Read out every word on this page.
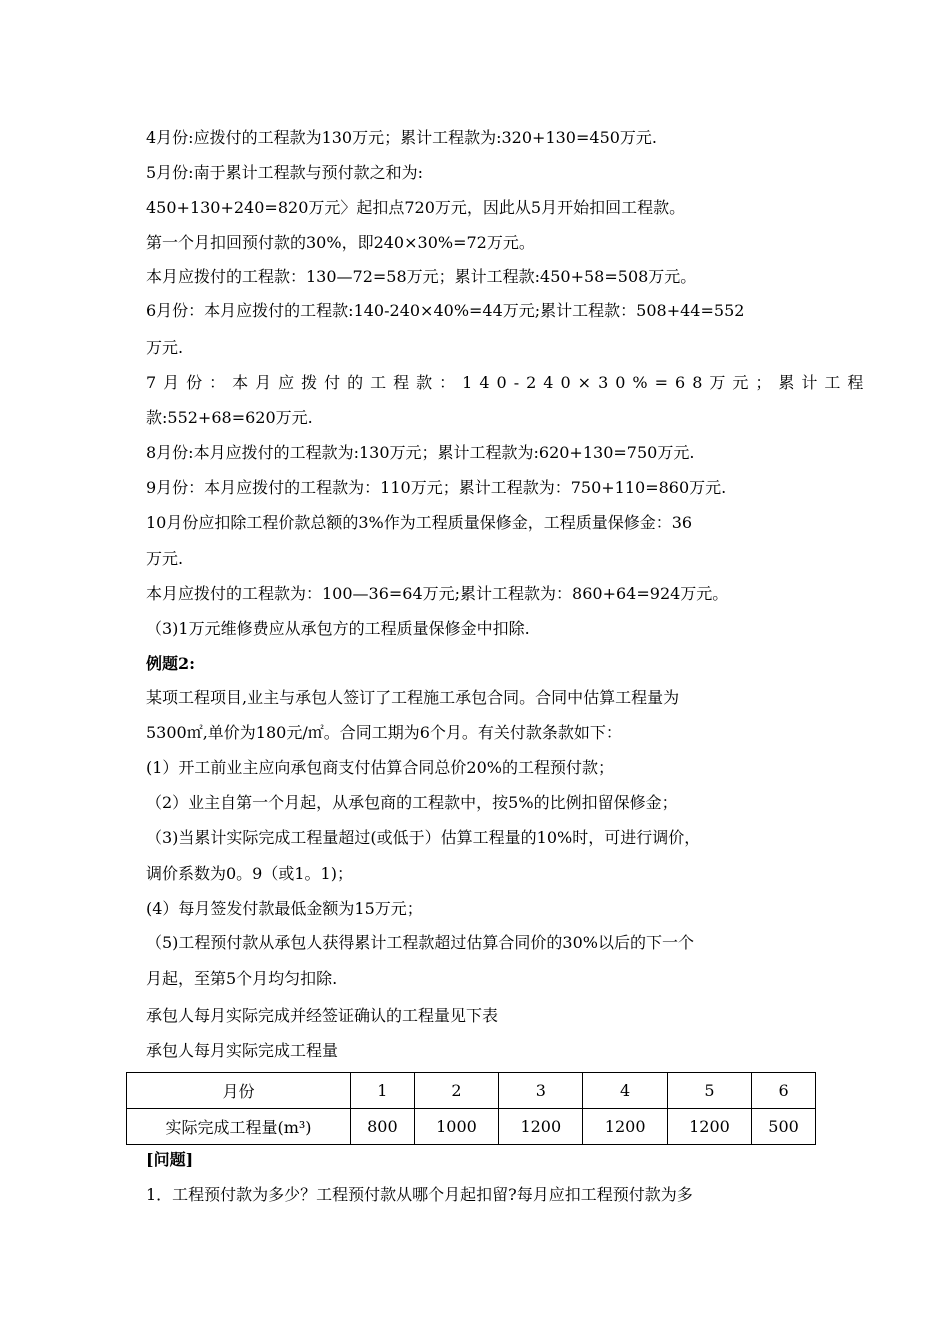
4月份:应拨付的工程款为130万元；累计工程款为:320+130=450万元.
5月份:南于累计工程款与预付款之和为:
450+130+240=820万元〉起扣点720万元，因此从5月开始扣回工程款。
第一个月扣回预付款的30%，即240×30%=72万元。
本月应拨付的工程款：130—72=58万元；累计工程款:450+58=508万元。
6月份：本月应拨付的工程款:140-240×40%=44万元;累计工程款：508+44=552
万元.
7月份：本月应拨付的工程款：140-240×30%=68万元；累计工程
款:552+68=620万元.
8月份:本月应拨付的工程款为:130万元；累计工程款为:620+130=750万元.
9月份：本月应拨付的工程款为：110万元；累计工程款为：750+110=860万元.
10月份应扣除工程价款总额的3%作为工程质量保修金，工程质量保修金：36
万元.
本月应拨付的工程款为：100—36=64万元;累计工程款为：860+64=924万元。
（3)1万元维修费应从承包方的工程质量保修金中扣除.
例题2:
某项工程项目,业主与承包人签订了工程施工承包合同。合同中估算工程量为
5300㎡,单价为180元/㎡。合同工期为6个月。有关付款条款如下：
(1）开工前业主应向承包商支付估算合同总价20%的工程预付款；
（2）业主自第一个月起，从承包商的工程款中，按5%的比例扣留保修金；
（3)当累计实际完成工程量超过(或低于）估算工程量的10%时，可进行调价，
调价系数为0。9（或1。1)；
(4）每月签发付款最低金额为15万元；
（5)工程预付款从承包人获得累计工程款超过估算合同价的30%以后的下一个
月起，至第5个月均匀扣除.
承包人每月实际完成并经签证确认的工程量见下表
承包人每月实际完成工程量
月份	1	2	3	4	5	6
实际完成工程量(m³)	800	1000	1200	1200	1200	500
[问题]
1．工程预付款为多少？工程预付款从哪个月起扣留?每月应扣工程预付款为多
